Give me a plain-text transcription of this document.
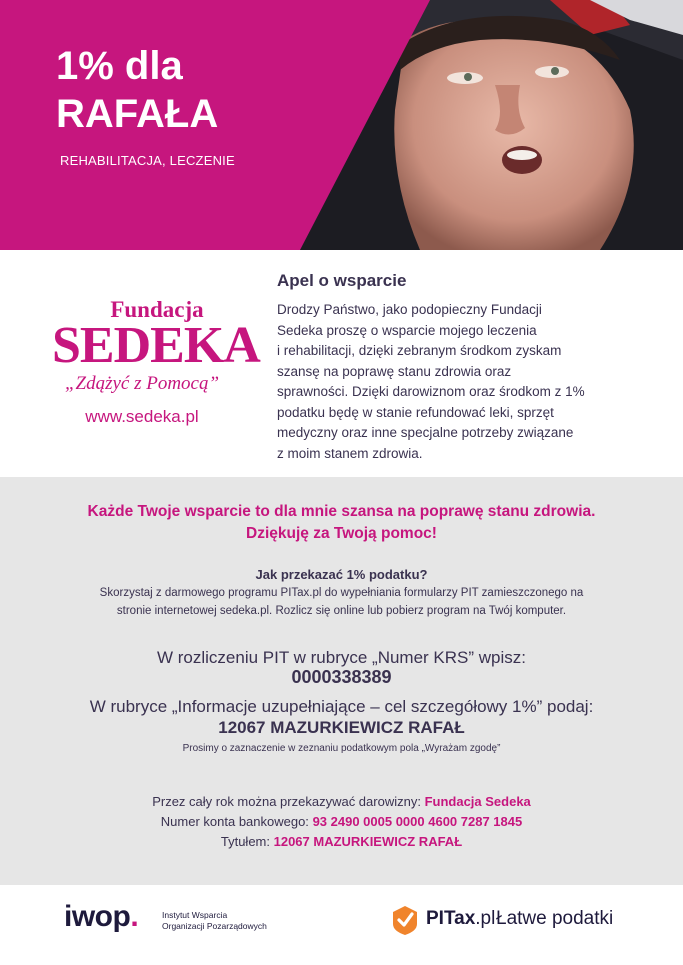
1% dla
RAFAŁA
REHABILITACJA, LECZENIE
Fundacja
SEDEKA
„Zdążyć z Pomocą”
www.sedeka.pl
Apel o wsparcie
Drodzy Państwo, jako podopieczny Fundacji
Sedeka proszę o wsparcie mojego leczenia
i rehabilitacji, dzięki zebranym środkom zyskam
szansę na poprawę stanu zdrowia oraz
sprawności. Dzięki darowiznom oraz środkom z 1%
podatku będę w stanie refundować leki, sprzęt
medyczny oraz inne specjalne potrzeby związane
z moim stanem zdrowia.
Każde Twoje wsparcie to dla mnie szansa na poprawę stanu zdrowia.
Dziękuję za Twoją pomoc!
Jak przekazać 1% podatku?
Skorzystaj z darmowego programu PITax.pl do wypełniania formularzy PIT zamieszczonego na
stronie internetowej sedeka.pl. Rozlicz się online lub pobierz program na Twój komputer.
W rozliczeniu PIT w rubryce „Numer KRS” wpisz:
0000338389
W rubryce „Informacje uzupełniające – cel szczegółowy 1%” podaj:
12067 MAZURKIEWICZ RAFAŁ
Prosimy o zaznaczenie w zeznaniu podatkowym pola „Wyrażam zgodę”
Przez cały rok można przekazywać darowizny: Fundacja Sedeka
Numer konta bankowego: 93 2490 0005 0000 4600 7287 1845
Tytułem: 12067 MAZURKIEWICZ RAFAŁ
iwop.	Instytut Wsparcia
Organizacji Pozarządowych	PITax.pl Łatwe podatki
